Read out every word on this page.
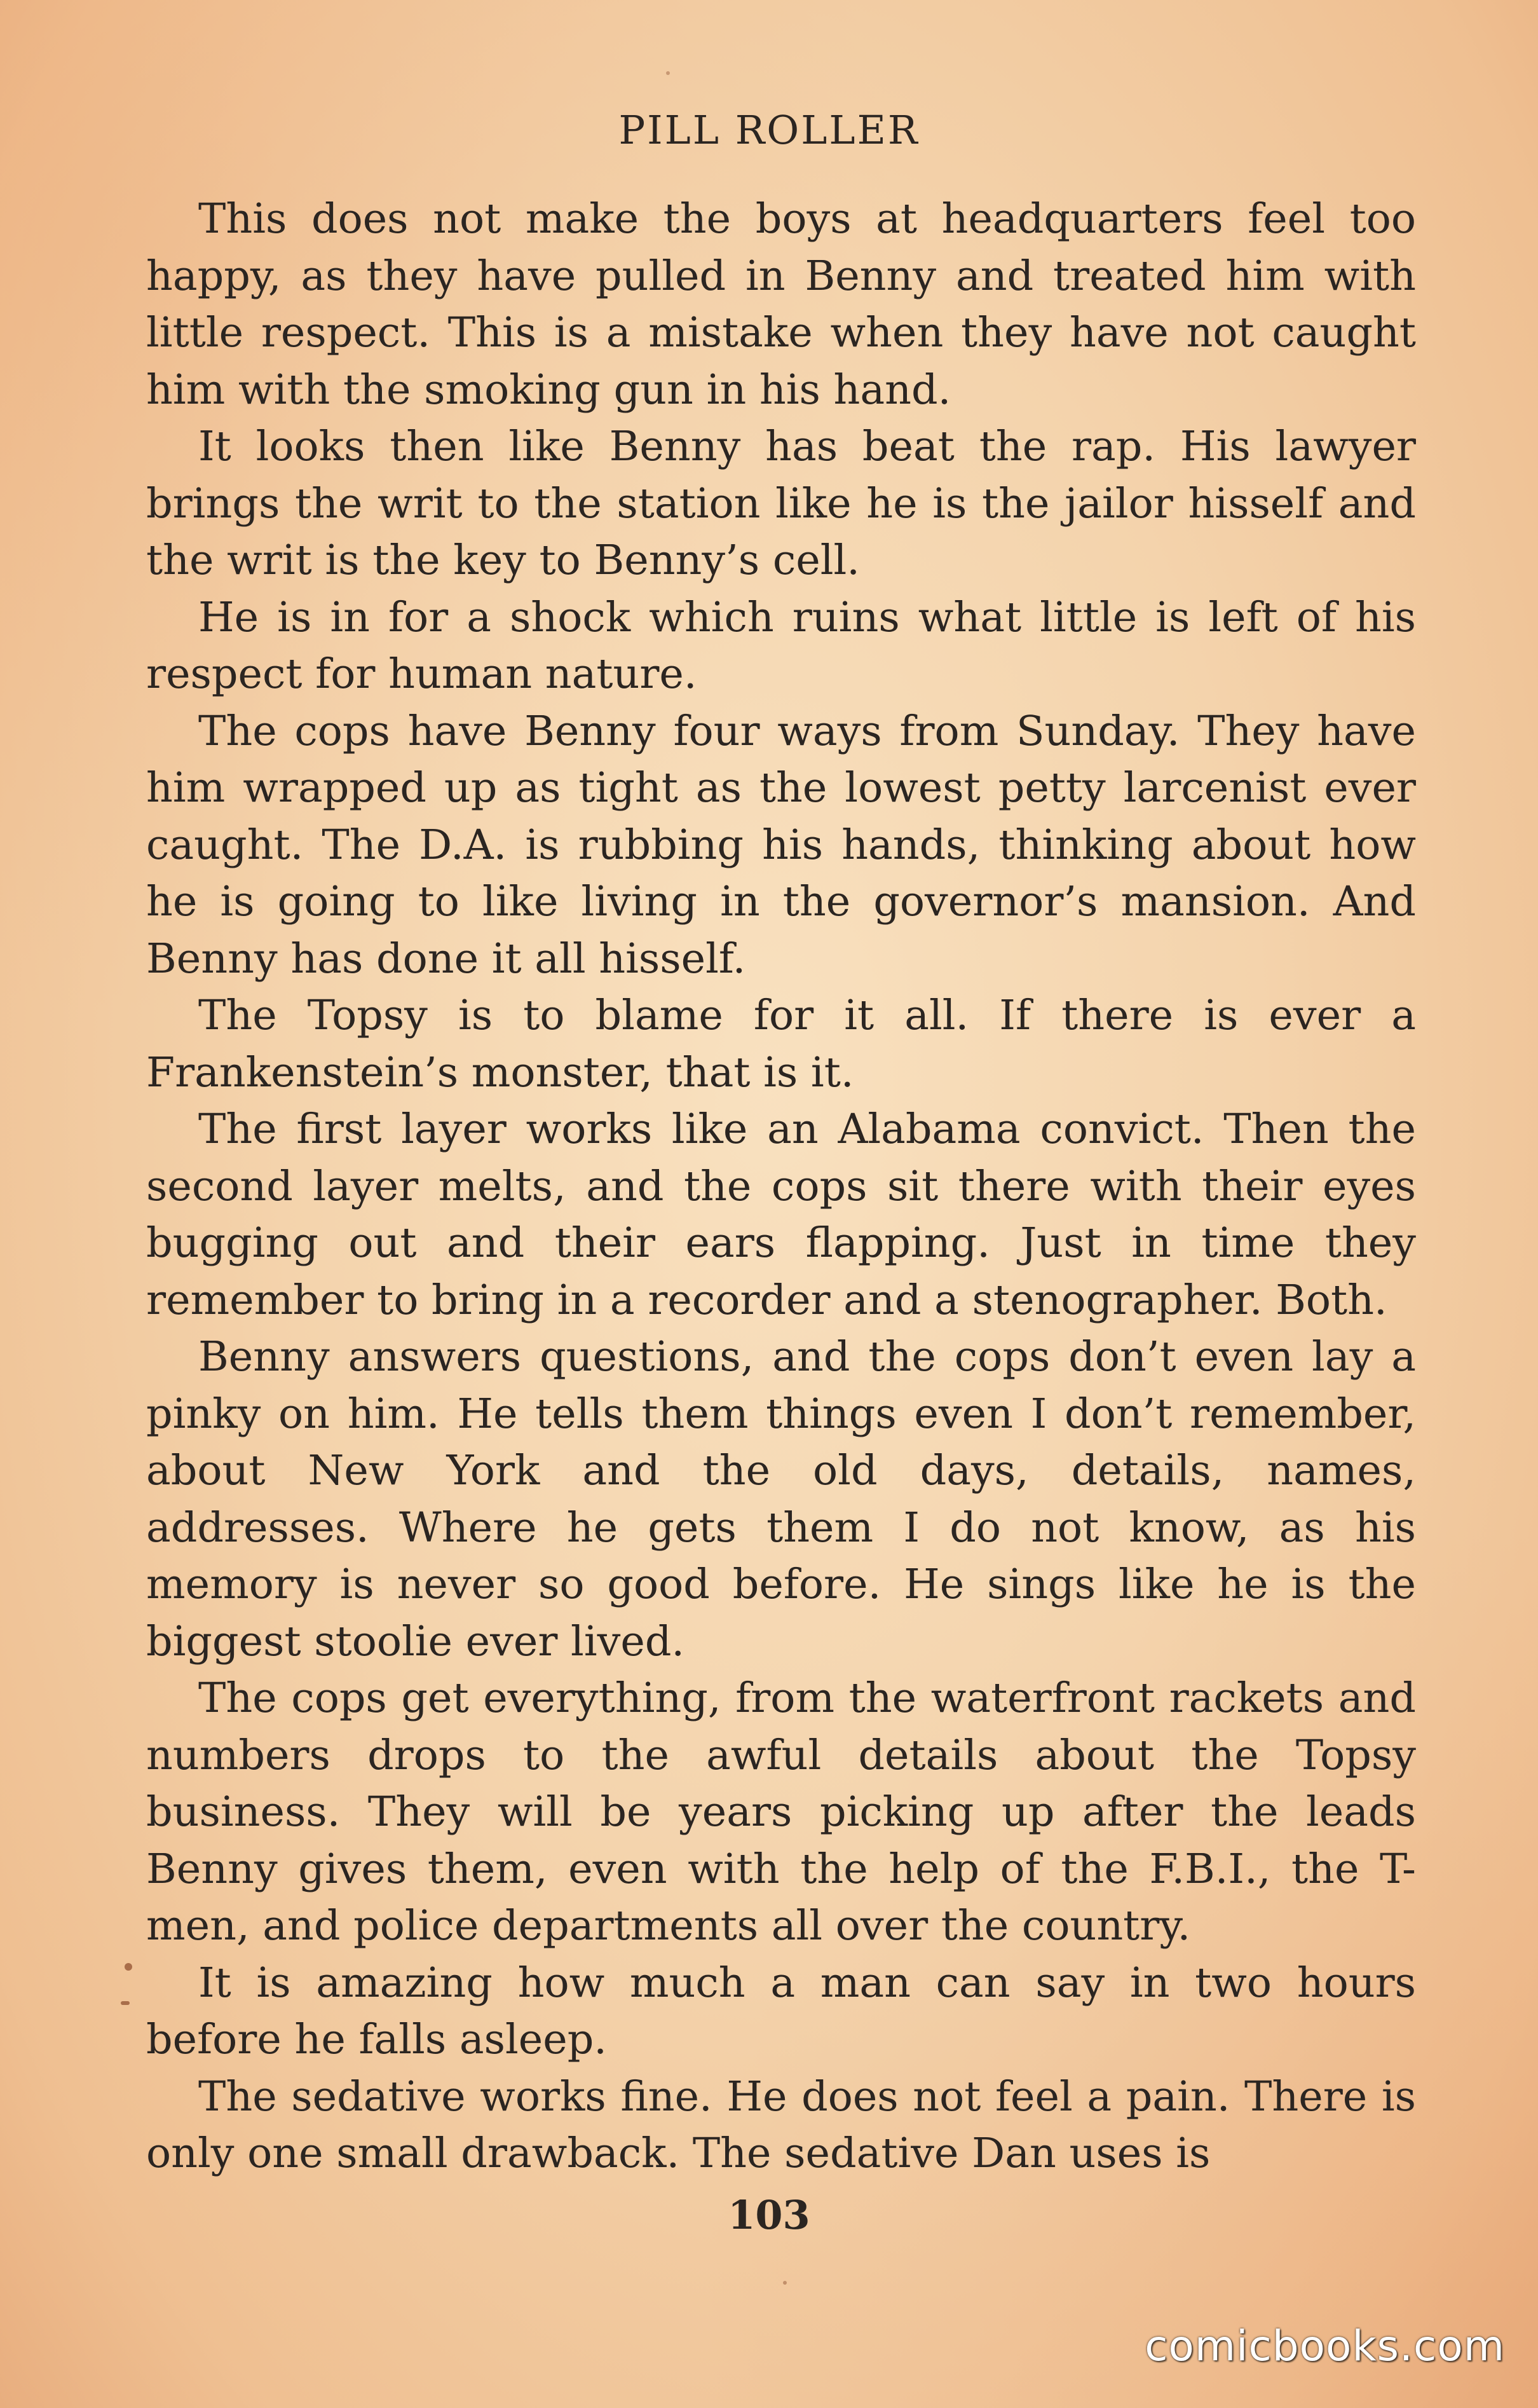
PILL ROLLER

This does not make the boys at headquarters feel too happy, as they have pulled in Benny and treated him with little respect. This is a mistake when they have not caught him with the smoking gun in his hand.

It looks then like Benny has beat the rap. His lawyer brings the writ to the station like he is the jailor hisself and the writ is the key to Benny’s cell.

He is in for a shock which ruins what little is left of his respect for human nature.

The cops have Benny four ways from Sunday. They have him wrapped up as tight as the lowest petty larcenist ever caught. The D.A. is rubbing his hands, thinking about how he is going to like living in the governor’s mansion. And Benny has done it all hisself.

The Topsy is to blame for it all. If there is ever a Frankenstein’s monster, that is it.

The first layer works like an Alabama convict. Then the second layer melts, and the cops sit there with their eyes bugging out and their ears flapping. Just in time they remember to bring in a recorder and a stenographer. Both.

Benny answers questions, and the cops don’t even lay a pinky on him. He tells them things even I don’t remember, about New York and the old days, details, names, addresses. Where he gets them I do not know, as his memory is never so good before. He sings like he is the biggest stoolie ever lived.

The cops get everything, from the waterfront rackets and numbers drops to the awful details about the Topsy business. They will be years picking up after the leads Benny gives them, even with the help of the F.B.I., the T-men, and police departments all over the country.

It is amazing how much a man can say in two hours before he falls asleep.

The sedative works fine. He does not feel a pain. There is only one small drawback. The sedative Dan uses is

103
comicbooks.com
